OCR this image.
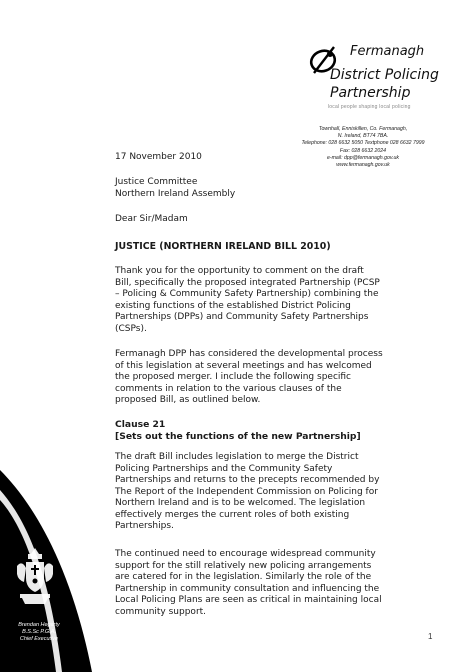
Brendan Hegarty
B.S.Sc P.G.A.
Chief Executive
Fermanagh
District Policing
Partnership
local people shaping local policing
Townhall, Enniskillen, Co. Fermanagh,
N. Ireland, BT74 7BA.
Telephone: 028 6632 5050 Textphone 028 6632 7999
Fax: 028 6632 2024
e-mail: dpp@fermanagh.gov.uk
www.fermanagh.gov.uk
17 November 2010
Justice Committee
Northern Ireland Assembly
Dear Sir/Madam
JUSTICE (NORTHERN IRELAND BILL 2010)
Thank you for the opportunity to comment on the draft
Bill, specifically the proposed integrated Partnership (PCSP
– Policing & Community Safety Partnership) combining the
existing functions of the established District Policing
Partnerships (DPPs) and Community Safety Partnerships
(CSPs).
Fermanagh DPP has considered the developmental process
of this legislation at several meetings and has welcomed
the proposed merger. I include the following specific
comments in relation to the various clauses of the
proposed Bill, as outlined below.
Clause 21
[Sets out the functions of the new Partnership]
The draft Bill includes legislation to merge the District
Policing Partnerships and the Community Safety
Partnerships and returns to the precepts recommended by
The Report of the Independent Commission on Policing for
Northern Ireland and is to be welcomed. The legislation
effectively merges the current roles of both existing
Partnerships.
The continued need to encourage widespread community
support for the still relatively new policing arrangements
are catered for in the legislation. Similarly the role of the
Partnership in community consultation and influencing the
Local Policing Plans are seen as critical in maintaining local
community support.
1
